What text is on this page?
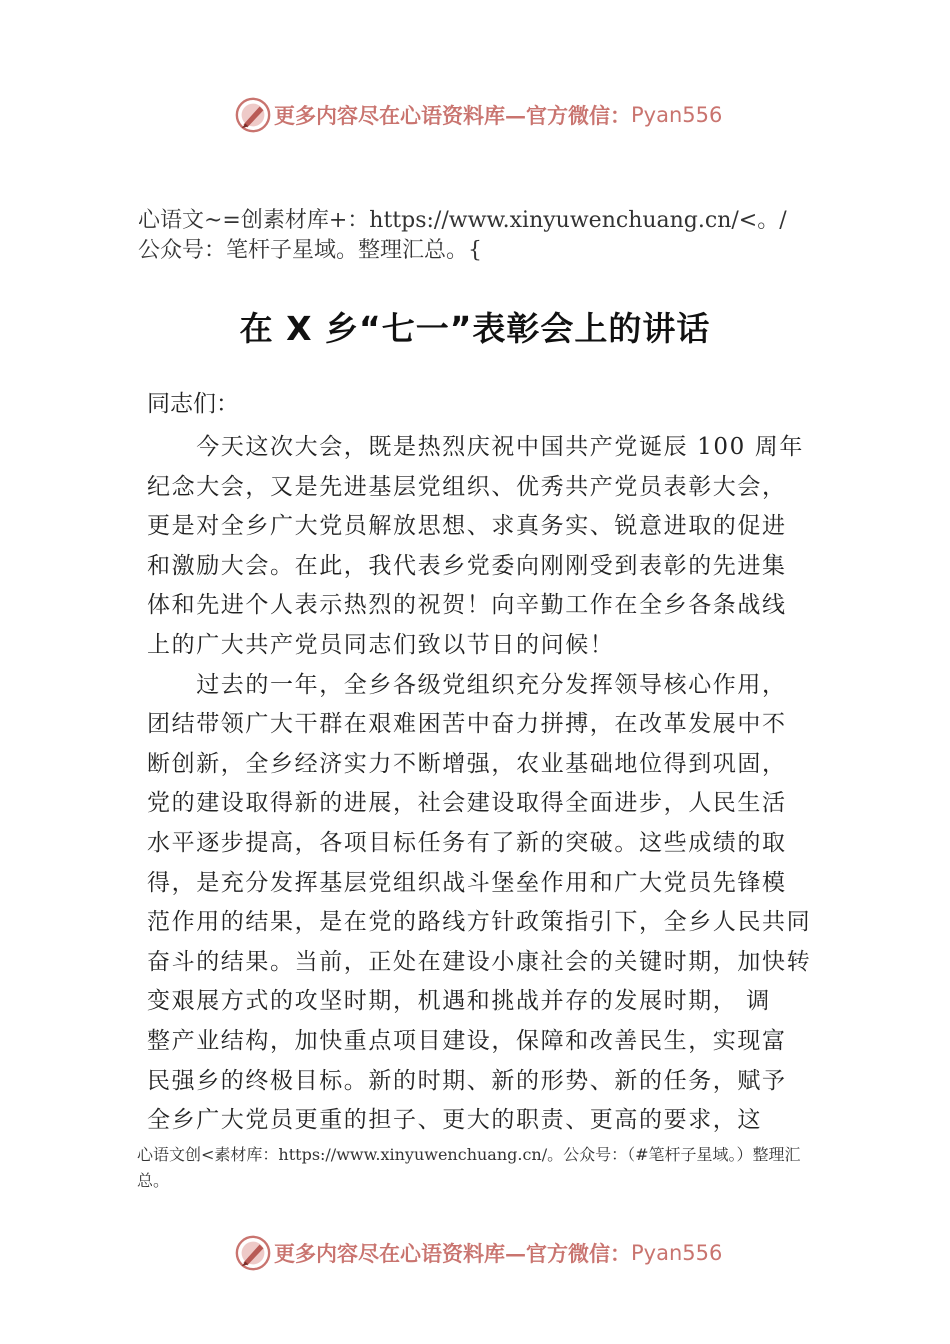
更多内容尽在心语资料库—官方微信： Pyan556
心语文~=创素材库+：https://www.xinyuwenchuang.cn/<。/
公众号：笔杆子星域。整理汇总。{
在 X 乡“七一”表彰会上的讲话
同志们：
　　今天这次大会，既是热烈庆祝中国共产党诞辰 100 周年
纪念大会，又是先进基层党组织、优秀共产党员表彰大会，
更是对全乡广大党员解放思想、求真务实、锐意进取的促进
和激励大会。在此，我代表乡党委向刚刚受到表彰的先进集
体和先进个人表示热烈的祝贺！向辛勤工作在全乡各条战线
上的广大共产党员同志们致以节日的问候！
　　过去的一年，全乡各级党组织充分发挥领导核心作用，
团结带领广大干群在艰难困苦中奋力拼搏，在改革发展中不
断创新，全乡经济实力不断增强，农业基础地位得到巩固，
党的建设取得新的进展，社会建设取得全面进步，人民生活
水平逐步提高，各项目标任务有了新的突破。这些成绩的取
得，是充分发挥基层党组织战斗堡垒作用和广大党员先锋模
范作用的结果，是在党的路线方针政策指引下，全乡人民共同
奋斗的结果。当前，正处在建设小康社会的关键时期，加快转
变艰展方式的攻坚时期，机遇和挑战并存的发展时期， 调
整产业结构，加快重点项目建设，保障和改善民生，实现富
民强乡的终极目标。新的时期、新的形势、新的任务，赋予
全乡广大党员更重的担子、更大的职责、更高的要求，这
心语文创<素材库：https://www.xinyuwenchuang.cn/。公众号：（#笔杆子星域。）整理汇总。
更多内容尽在心语资料库—官方微信： Pyan556
